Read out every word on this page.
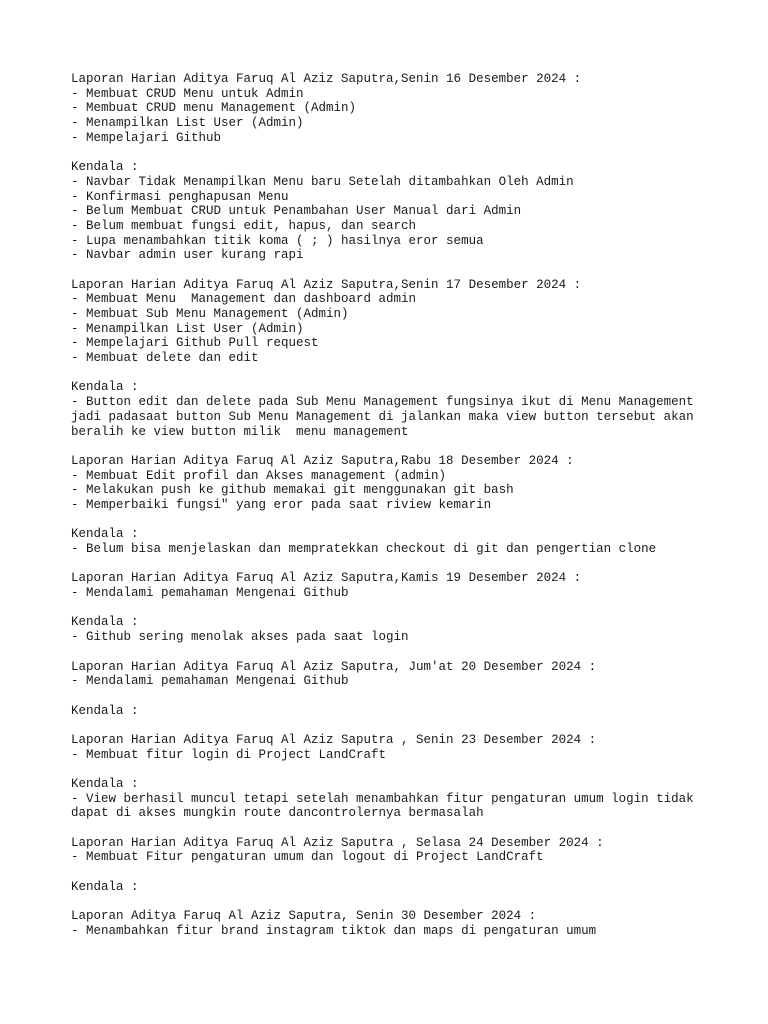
Laporan Harian Aditya Faruq Al Aziz Saputra,Senin 16 Desember 2024 :
- Membuat CRUD Menu untuk Admin
- Membuat CRUD menu Management (Admin)
- Menampilkan List User (Admin)
- Mempelajari Github
Kendala :
- Navbar Tidak Menampilkan Menu baru Setelah ditambahkan Oleh Admin
- Konfirmasi penghapusan Menu
- Belum Membuat CRUD untuk Penambahan User Manual dari Admin
- Belum membuat fungsi edit, hapus, dan search
- Lupa menambahkan titik koma ( ; ) hasilnya eror semua
- Navbar admin user kurang rapi
Laporan Harian Aditya Faruq Al Aziz Saputra,Senin 17 Desember 2024 :
- Membuat Menu  Management dan dashboard admin
- Membuat Sub Menu Management (Admin)
- Menampilkan List User (Admin)
- Mempelajari Github Pull request
- Membuat delete dan edit
Kendala :
- Button edit dan delete pada Sub Menu Management fungsinya ikut di Menu Management
jadi padasaat button Sub Menu Management di jalankan maka view button tersebut akan
beralih ke view button milik  menu management
Laporan Harian Aditya Faruq Al Aziz Saputra,Rabu 18 Desember 2024 :
- Membuat Edit profil dan Akses management (admin)
- Melakukan push ke github memakai git menggunakan git bash
- Memperbaiki fungsi" yang eror pada saat riview kemarin
Kendala :
- Belum bisa menjelaskan dan mempratekkan checkout di git dan pengertian clone
Laporan Harian Aditya Faruq Al Aziz Saputra,Kamis 19 Desember 2024 :
- Mendalami pemahaman Mengenai Github
Kendala :
- Github sering menolak akses pada saat login
Laporan Harian Aditya Faruq Al Aziz Saputra, Jum'at 20 Desember 2024 :
- Mendalami pemahaman Mengenai Github
Kendala :
Laporan Harian Aditya Faruq Al Aziz Saputra , Senin 23 Desember 2024 :
- Membuat fitur login di Project LandCraft
Kendala :
- View berhasil muncul tetapi setelah menambahkan fitur pengaturan umum login tidak
dapat di akses mungkin route dancontrolernya bermasalah
Laporan Harian Aditya Faruq Al Aziz Saputra , Selasa 24 Desember 2024 :
- Membuat Fitur pengaturan umum dan logout di Project LandCraft
Kendala :
Laporan Aditya Faruq Al Aziz Saputra, Senin 30 Desember 2024 :
- Menambahkan fitur brand instagram tiktok dan maps di pengaturan umum
